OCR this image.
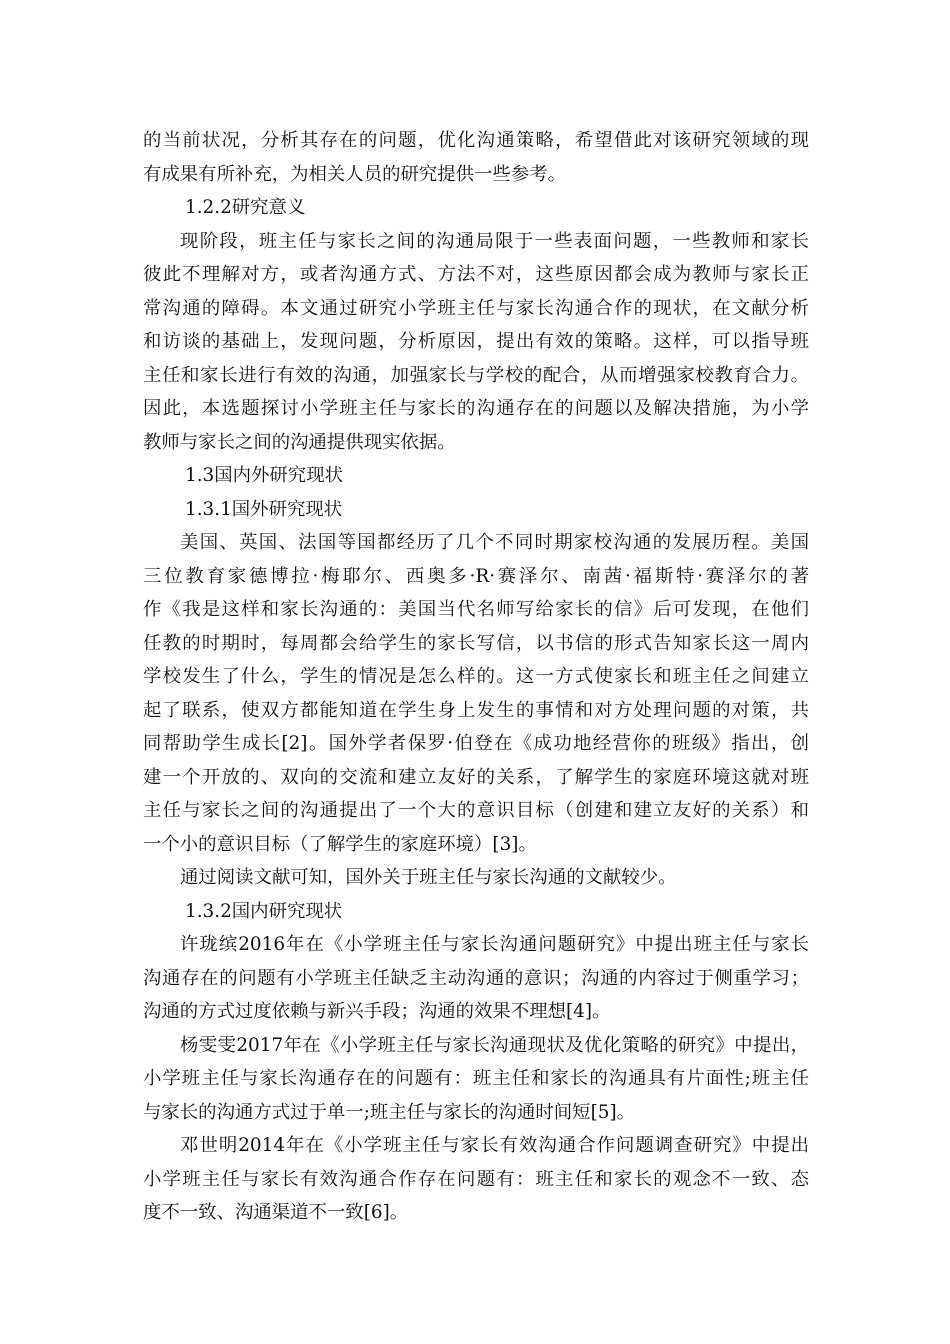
的当前状况，分析其存在的问题，优化沟通策略，希望借此对该研究领域的现
有成果有所补充，为相关人员的研究提供一些参考。
1.2.2研究意义
现阶段，班主任与家长之间的沟通局限于一些表面问题，一些教师和家长
彼此不理解对方，或者沟通方式、方法不对，这些原因都会成为教师与家长正
常沟通的障碍。本文通过研究小学班主任与家长沟通合作的现状，在文献分析
和访谈的基础上，发现问题，分析原因，提出有效的策略。这样，可以指导班
主任和家长进行有效的沟通，加强家长与学校的配合，从而增强家校教育合力。
因此，本选题探讨小学班主任与家长的沟通存在的问题以及解决措施，为小学
教师与家长之间的沟通提供现实依据。
1.3国内外研究现状
1.3.1国外研究现状
美国、英国、法国等国都经历了几个不同时期家校沟通的发展历程。美国
三位教育家德博拉·梅耶尔、西奥多·R·赛泽尔、南茜·福斯特·赛泽尔的著
作《我是这样和家长沟通的：美国当代名师写给家长的信》后可发现，在他们
任教的时期时，每周都会给学生的家长写信，以书信的形式告知家长这一周内
学校发生了什么，学生的情况是怎么样的。这一方式使家长和班主任之间建立
起了联系，使双方都能知道在学生身上发生的事情和对方处理问题的对策，共
同帮助学生成长[2]。国外学者保罗·伯登在《成功地经营你的班级》指出，创
建一个开放的、双向的交流和建立友好的关系，了解学生的家庭环境这就对班
主任与家长之间的沟通提出了一个大的意识目标（创建和建立友好的关系）和
一个小的意识目标（了解学生的家庭环境）[3]。
通过阅读文献可知，国外关于班主任与家长沟通的文献较少。
1.3.2国内研究现状
许珑缤2016年在《小学班主任与家长沟通问题研究》中提出班主任与家长
沟通存在的问题有小学班主任缺乏主动沟通的意识；沟通的内容过于侧重学习；
沟通的方式过度依赖与新兴手段；沟通的效果不理想[4]。
杨雯雯2017年在《小学班主任与家长沟通现状及优化策略的研究》中提出，
小学班主任与家长沟通存在的问题有：班主任和家长的沟通具有片面性;班主任
与家长的沟通方式过于单一;班主任与家长的沟通时间短[5]。
邓世明2014年在《小学班主任与家长有效沟通合作问题调查研究》中提出
小学班主任与家长有效沟通合作存在问题有：班主任和家长的观念不一致、态
度不一致、沟通渠道不一致[6]。
